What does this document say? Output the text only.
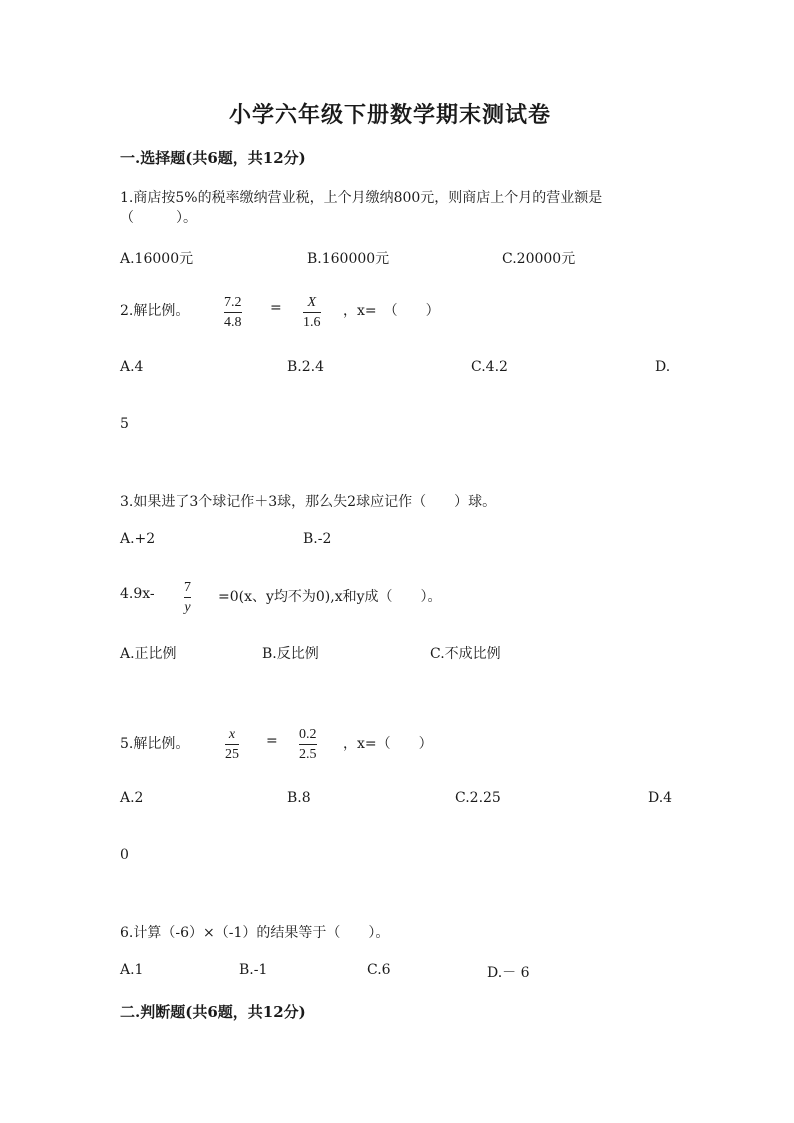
小学六年级下册数学期末测试卷
一.选择题(共6题，共12分)
1.商店按5%的税率缴纳营业税，上个月缴纳800元，则商店上个月的营业额是
（　　　）。
A.16000元	B.160000元	C.20000元
2.解比例。
7.2
4.8
= X
1.6
，x=　（　　）
A.4	B.2.4	C.4.2	D.
5
3.如果进了3个球记作＋3球，那么失2球应记作（　　）球。
A.+2	B.-2
4.9x- 7
y
=0(x、y均不为0),x和y成（　　）。
A.正比例	B.反比例	C.不成比例
5.解比例。
x
25
= 0.2
2.5
，x=（　　）
A.2	B.8	C.2.25	D.4
0
6.计算（-6）×（-1）的结果等于（　　）。
A.1	B.-1	C.6	D.－ 6
二.判断题(共6题，共12分)
